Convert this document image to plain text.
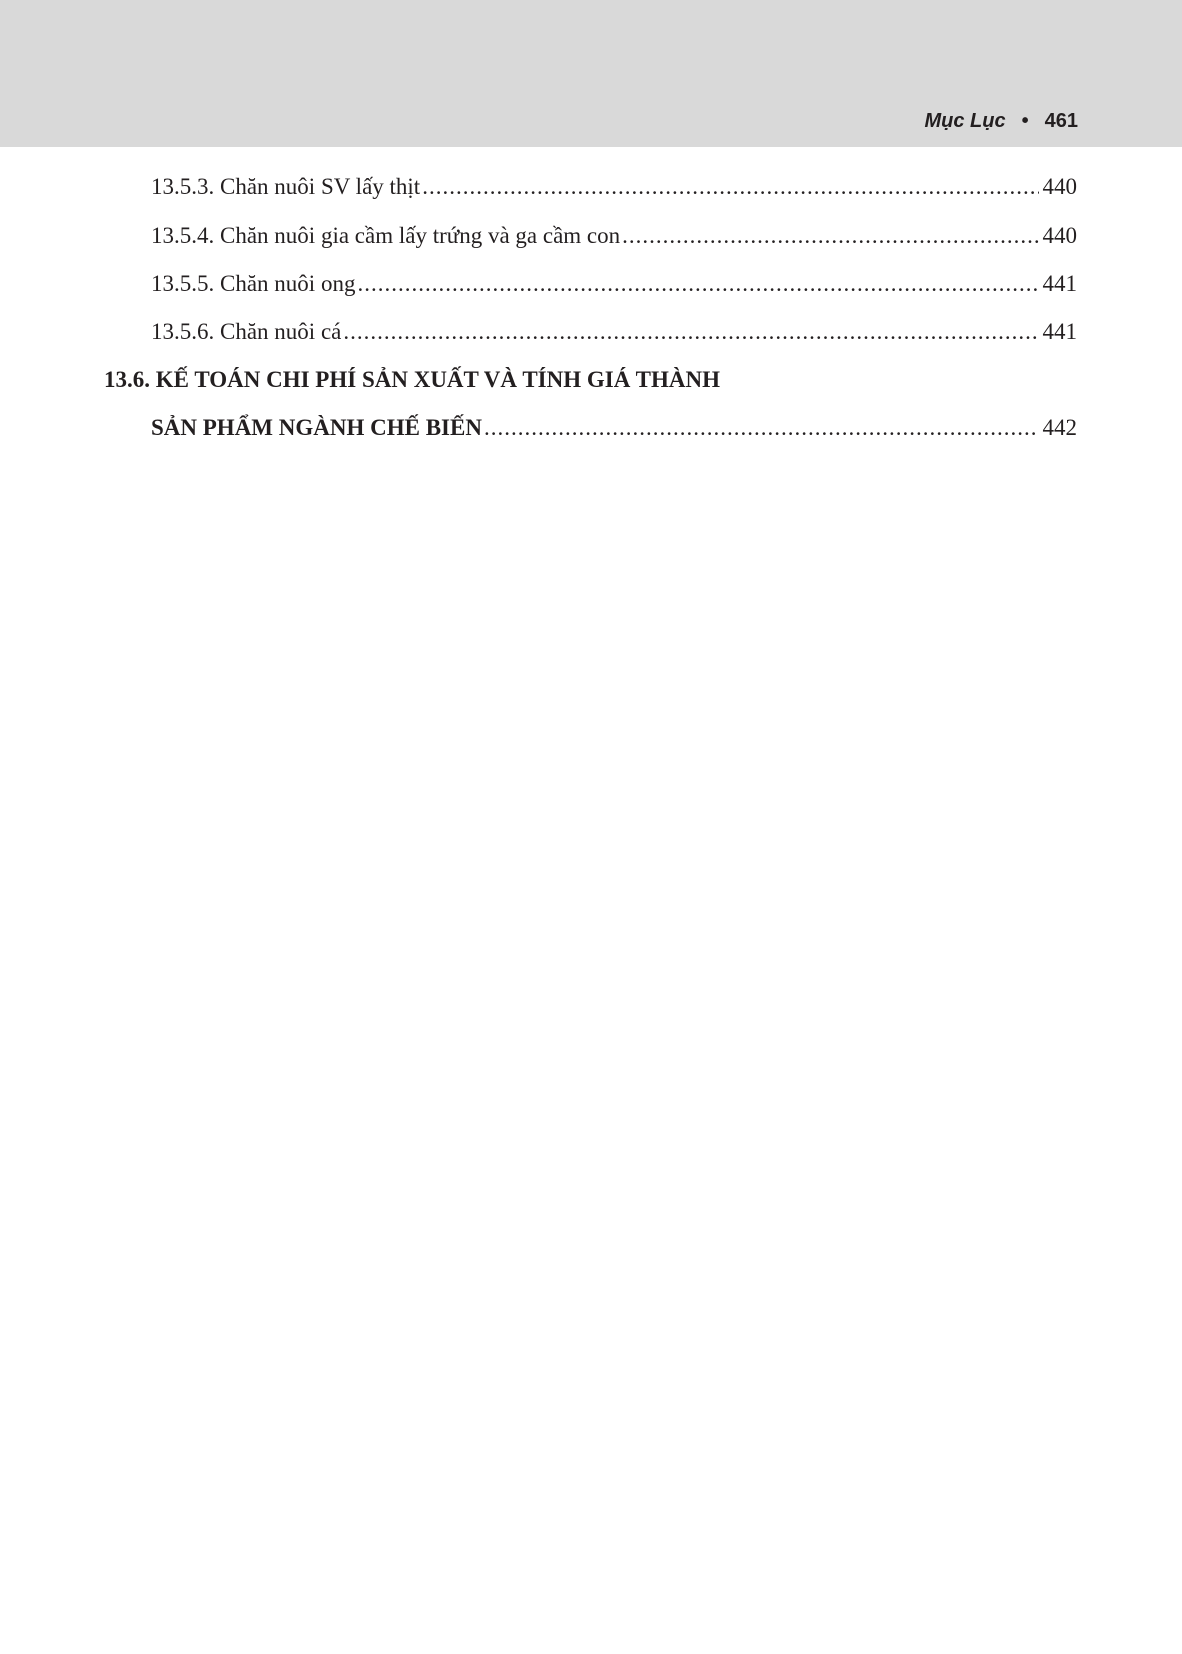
Mục Lục • 461
13.5.3. Chăn nuôi SV lấy thịt .....	440
13.5.4. Chăn nuôi gia cầm lấy trứng và ga cầm con .....	440
13.5.5. Chăn nuôi ong .....	441
13.5.6. Chăn nuôi cá .....	441
13.6. KẾ TOÁN CHI PHÍ SẢN XUẤT VÀ TÍNH GIÁ THÀNH
SẢN PHẨM NGÀNH CHẾ BIẾN .....	442
